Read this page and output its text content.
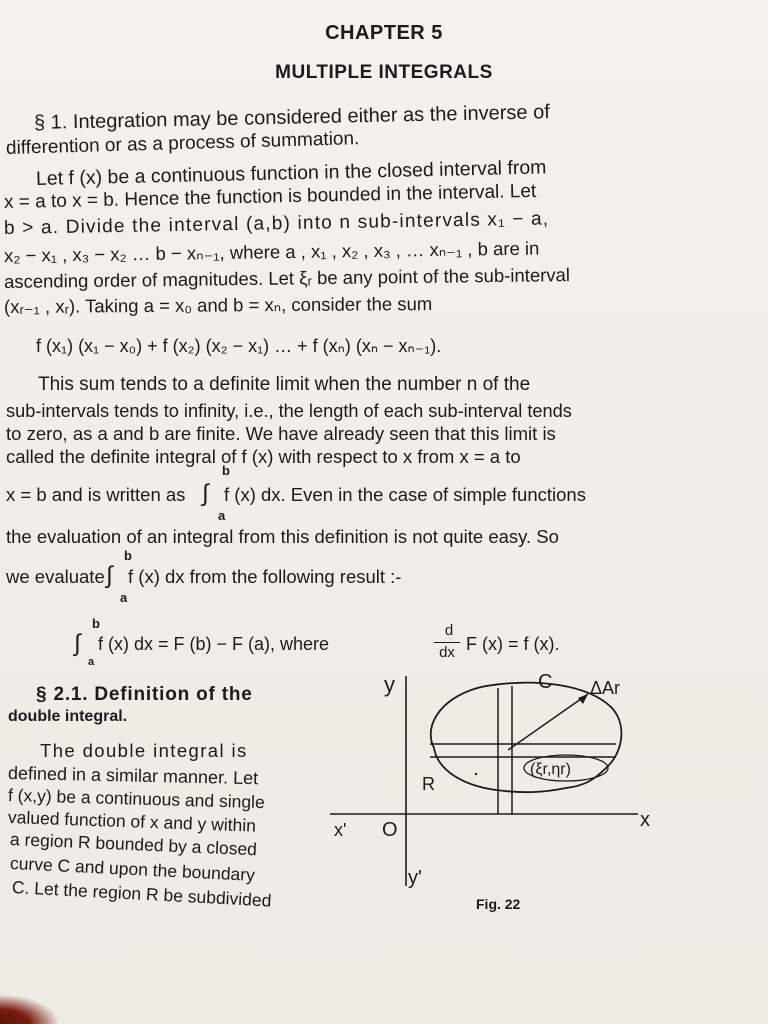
CHAPTER 5
MULTIPLE INTEGRALS
§ 1. Integration may be considered either as the inverse of
differention or as a process of summation.
Let f (x) be a continuous function in the closed interval from
x = a to x = b. Hence the function is bounded in the interval. Let
b > a. Divide the interval (a,b) into n sub-intervals x₁ − a,
x₂ − x₁ , x₃ − x₂ … b − xₙ₋₁, where a , x₁ , x₂ , x₃ , … xₙ₋₁ , b are in
ascending order of magnitudes. Let ξᵣ be any point of the sub-interval
(xᵣ₋₁ , xᵣ). Taking a = x₀ and b = xₙ, consider the sum
f (x₁) (x₁ − x₀) + f (x₂) (x₂ − x₁) … + f (xₙ) (xₙ − xₙ₋₁).
This sum tends to a definite limit when the number n of the
sub-intervals tends to infinity, i.e., the length of each sub-interval tends
to zero, as a and b are finite. We have already seen that this limit is
called the definite integral of f (x) with respect to x from x = a to
b
x = b and is written as ∫ f (x) dx. Even in the case of simple functions
a
the evaluation of an integral from this definition is not quite easy. So
b
we evaluate ∫ f (x) dx from the following result :-
a
b
∫
a
f (x) dx = F (b) − F (a), where
d
dx F (x) = f (x).
§ 2.1. Definition of the
double integral.
The double integral is
defined in a similar manner. Let
f (x,y) be a continuous and single
valued function of x and y within
a region R bounded by a closed
curve C and upon the boundary
C. Let the region R be subdivided
y
y'
x
x' O
C
R
ΔAr
(ξr,ηr)
Fig. 22
